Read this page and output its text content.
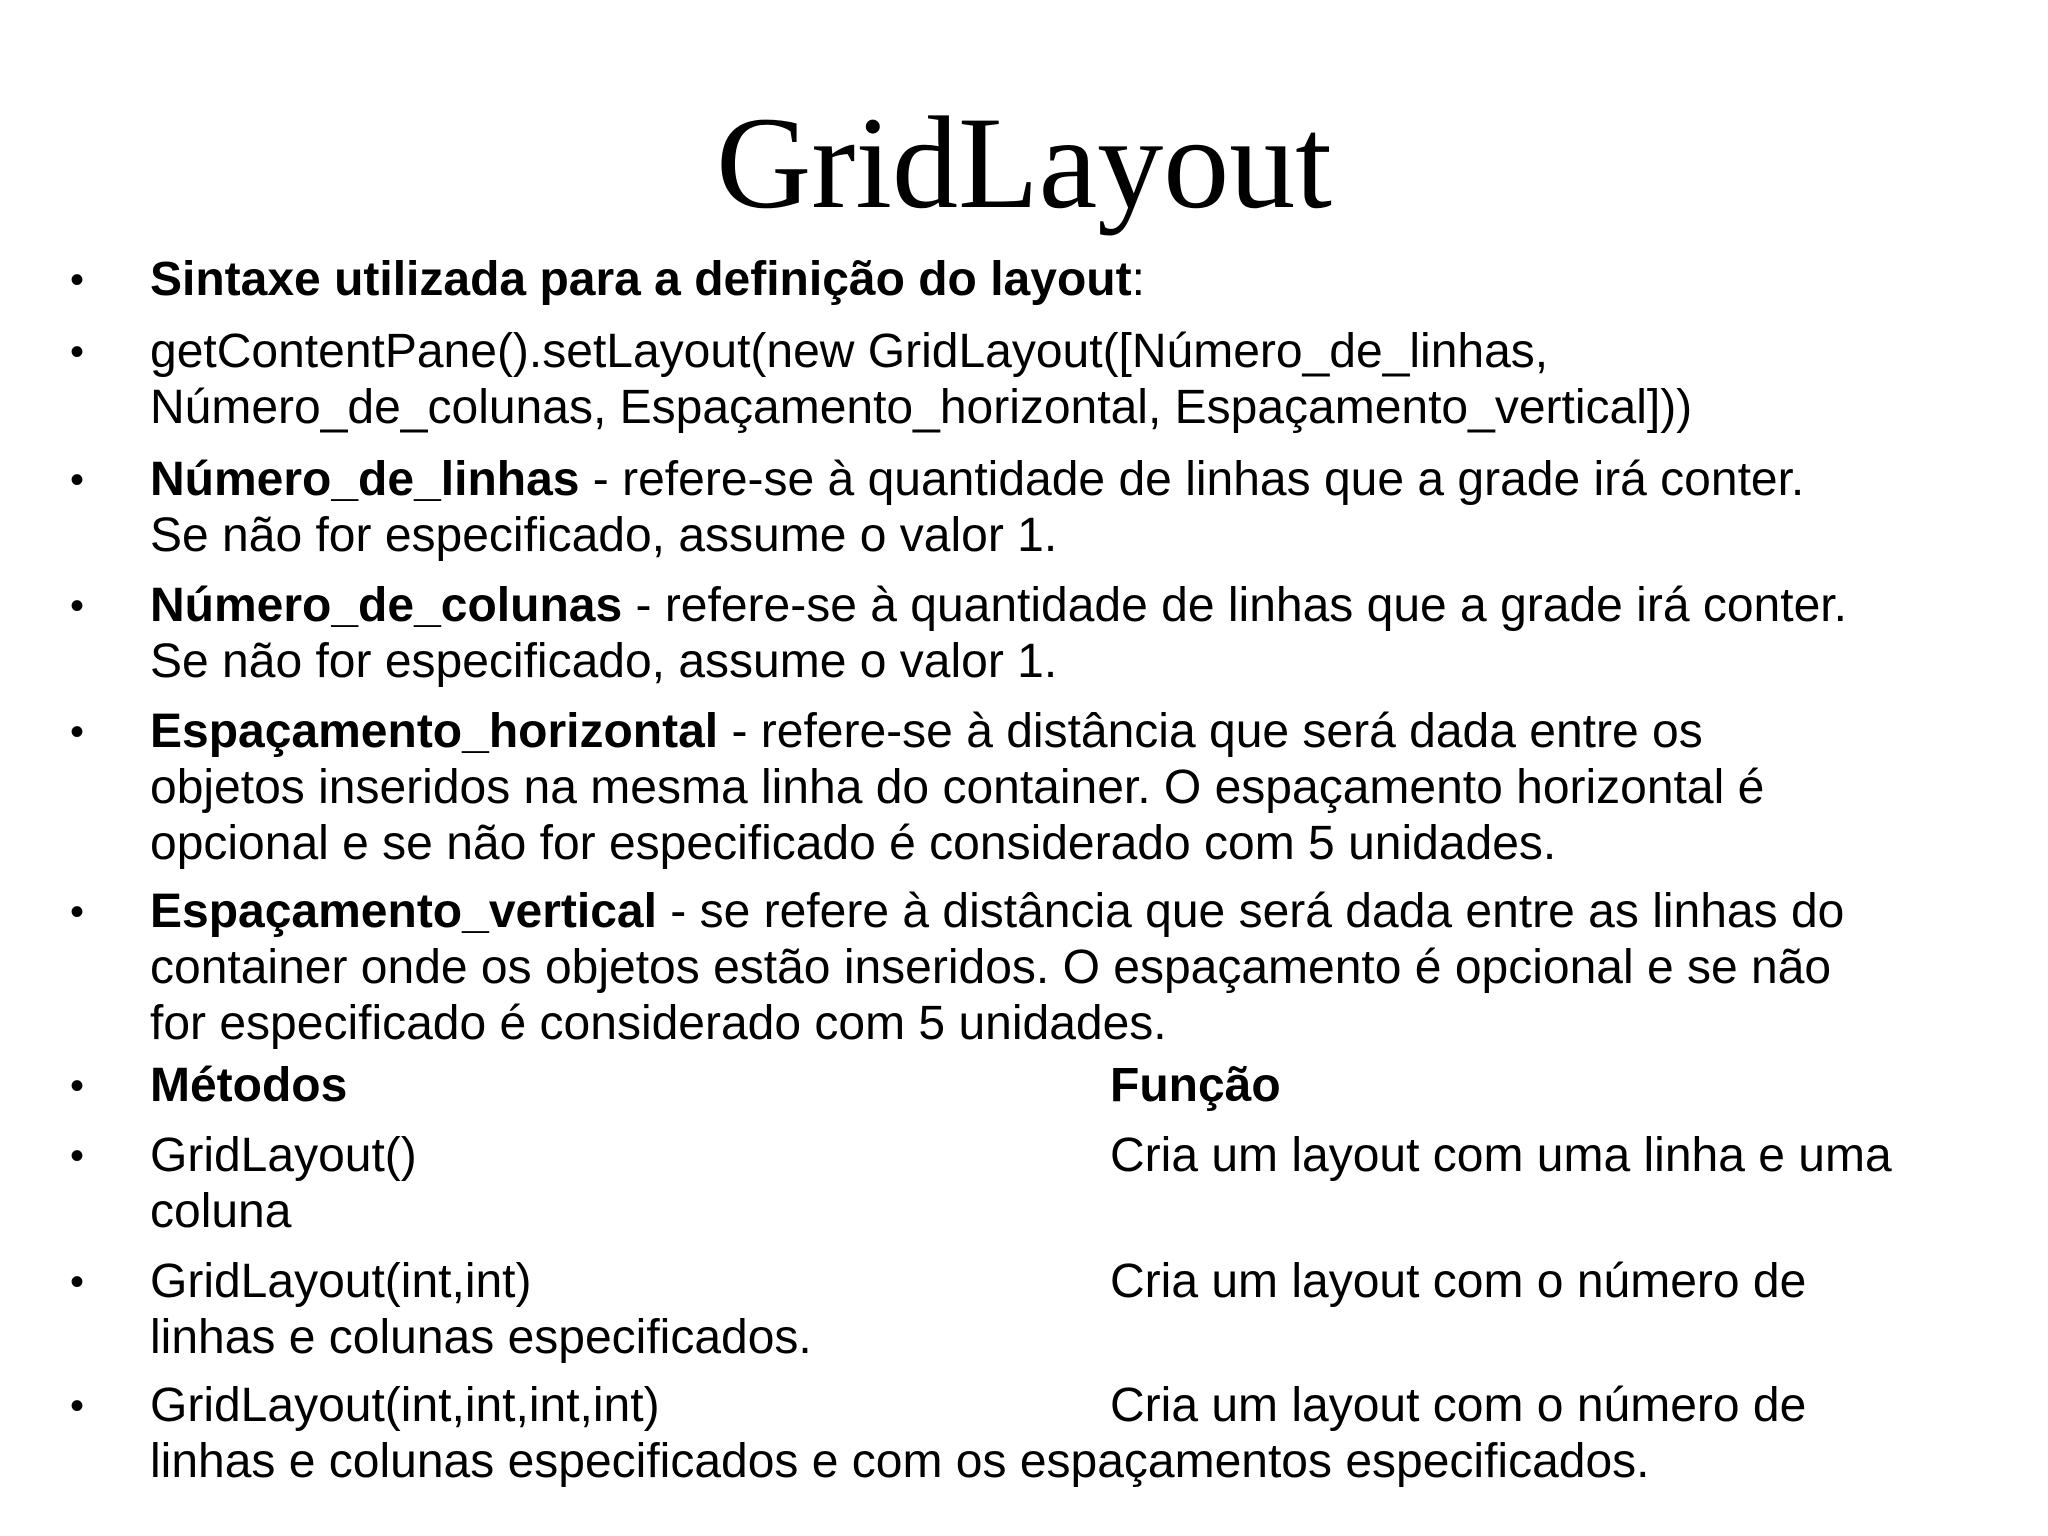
GridLayout
• Sintaxe utilizada para a definição do layout:
• getContentPane().setLayout(new GridLayout([Número_de_linhas,
Número_de_colunas, Espaçamento_horizontal, Espaçamento_vertical]))
• Número_de_linhas - refere-se à quantidade de linhas que a grade irá conter.
Se não for especificado, assume o valor 1.
• Número_de_colunas - refere-se à quantidade de linhas que a grade irá conter.
Se não for especificado, assume o valor 1.
• Espaçamento_horizontal - refere-se à distância que será dada entre os
objetos inseridos na mesma linha do container. O espaçamento horizontal é
opcional e se não for especificado é considerado com 5 unidades.
• Espaçamento_vertical - se refere à distância que será dada entre as linhas do
container onde os objetos estão inseridos. O espaçamento é opcional e se não
for especificado é considerado com 5 unidades.
• Métodos	Função
• GridLayout()	Cria um layout com uma linha e uma
coluna
• GridLayout(int,int)	Cria um layout com o número de
linhas e colunas especificados.
• GridLayout(int,int,int,int)	Cria um layout com o número de
linhas e colunas especificados e com os espaçamentos especificados.
